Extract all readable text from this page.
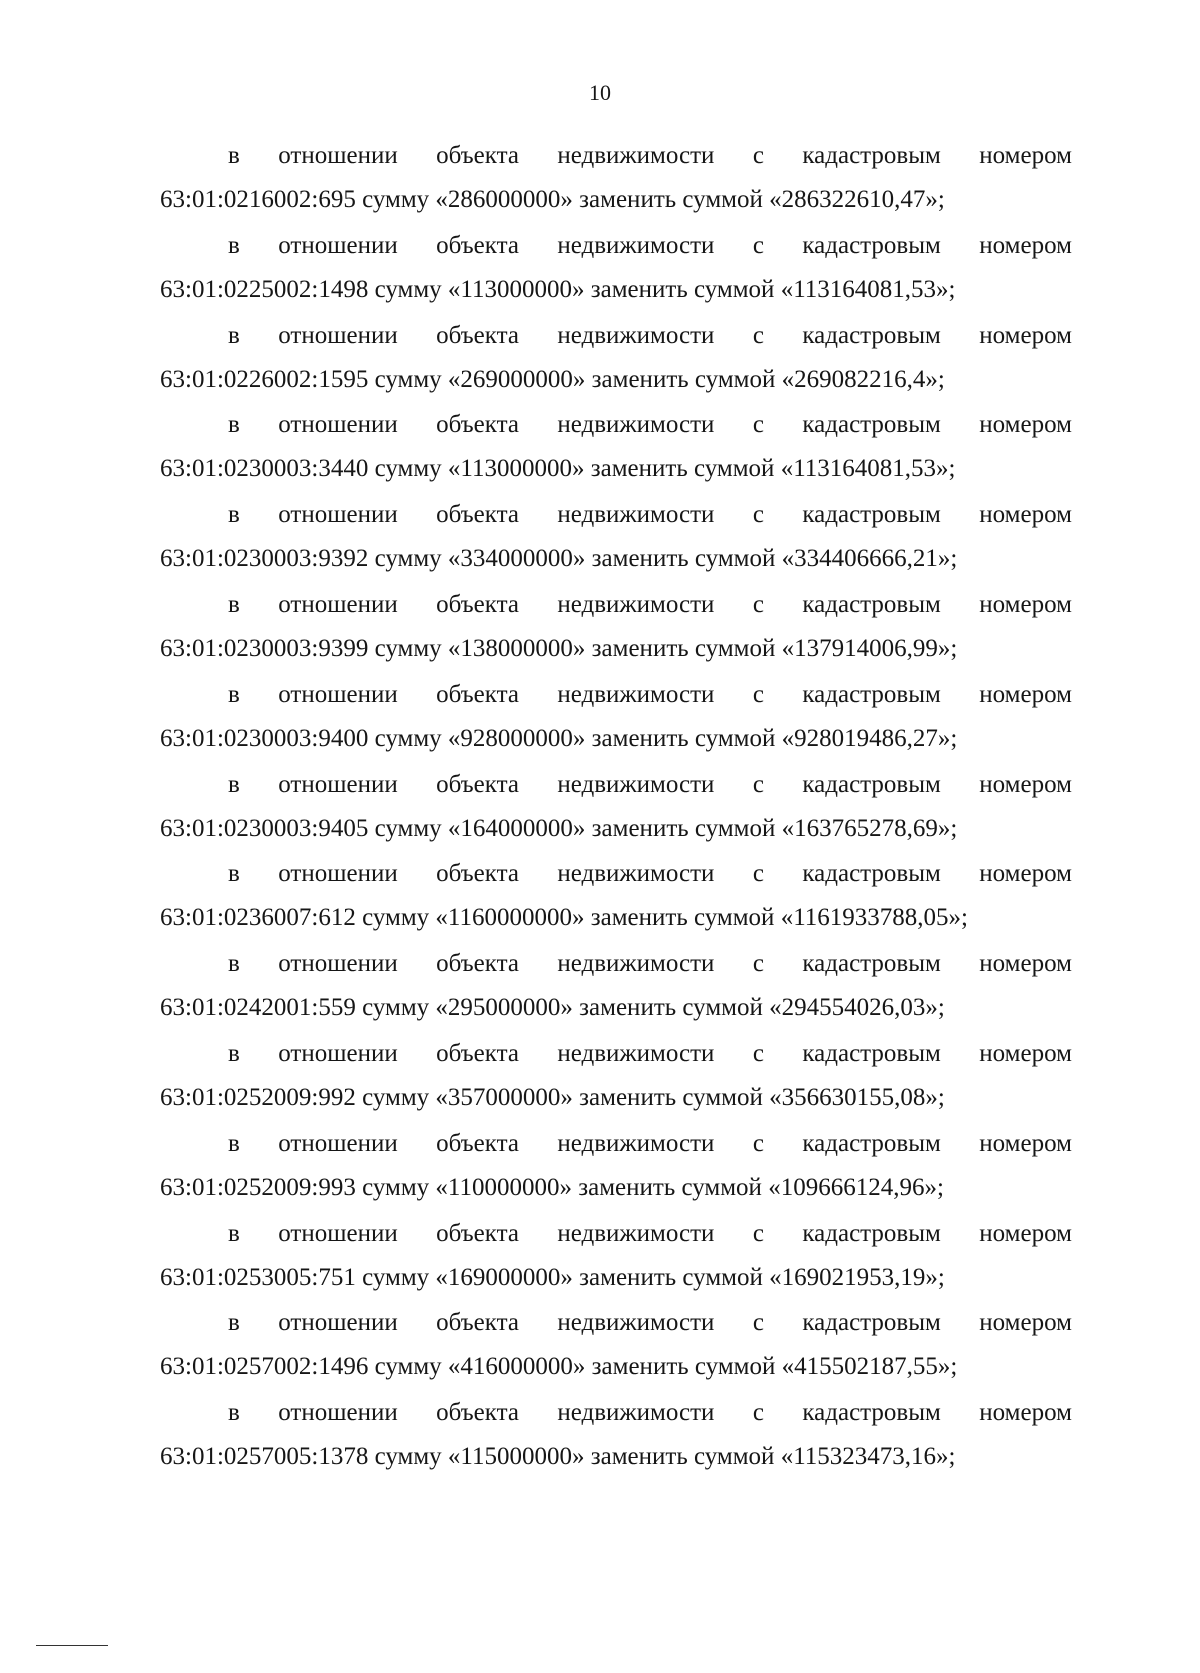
10
в отношении объекта недвижимости с кадастровым номером
63:01:0216002:695 сумму «286000000» заменить суммой «286322610,47»;
в отношении объекта недвижимости с кадастровым номером
63:01:0225002:1498 сумму «113000000» заменить суммой «113164081,53»;
в отношении объекта недвижимости с кадастровым номером
63:01:0226002:1595 сумму «269000000» заменить суммой «269082216,4»;
в отношении объекта недвижимости с кадастровым номером
63:01:0230003:3440 сумму «113000000» заменить суммой «113164081,53»;
в отношении объекта недвижимости с кадастровым номером
63:01:0230003:9392 сумму «334000000» заменить суммой «334406666,21»;
в отношении объекта недвижимости с кадастровым номером
63:01:0230003:9399 сумму «138000000» заменить суммой «137914006,99»;
в отношении объекта недвижимости с кадастровым номером
63:01:0230003:9400 сумму «928000000» заменить суммой «928019486,27»;
в отношении объекта недвижимости с кадастровым номером
63:01:0230003:9405 сумму «164000000» заменить суммой «163765278,69»;
в отношении объекта недвижимости с кадастровым номером
63:01:0236007:612 сумму «1160000000» заменить суммой «1161933788,05»;
в отношении объекта недвижимости с кадастровым номером
63:01:0242001:559 сумму «295000000» заменить суммой «294554026,03»;
в отношении объекта недвижимости с кадастровым номером
63:01:0252009:992 сумму «357000000» заменить суммой «356630155,08»;
в отношении объекта недвижимости с кадастровым номером
63:01:0252009:993 сумму «110000000» заменить суммой «109666124,96»;
в отношении объекта недвижимости с кадастровым номером
63:01:0253005:751 сумму «169000000» заменить суммой «169021953,19»;
в отношении объекта недвижимости с кадастровым номером
63:01:0257002:1496 сумму «416000000» заменить суммой «415502187,55»;
в отношении объекта недвижимости с кадастровым номером
63:01:0257005:1378 сумму «115000000» заменить суммой «115323473,16»;
